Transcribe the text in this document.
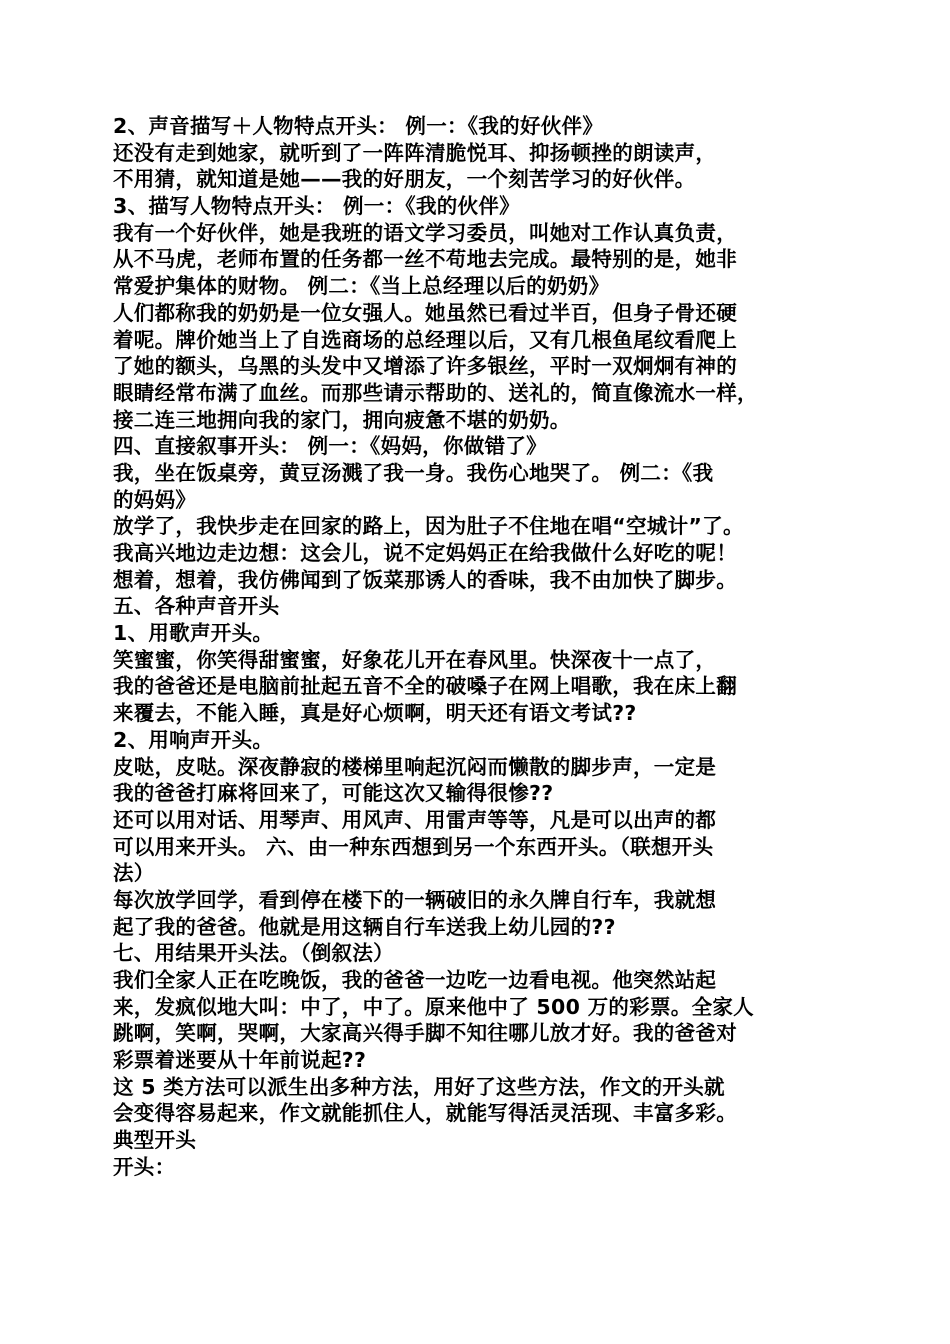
2、声音描写＋人物特点开头： 例一：《我的好伙伴》
还没有走到她家，就听到了一阵阵清脆悦耳、抑扬顿挫的朗读声，
不用猜，就知道是她——我的好朋友，一个刻苦学习的好伙伴。
3、描写人物特点开头： 例一：《我的伙伴》
我有一个好伙伴，她是我班的语文学习委员，叫她对工作认真负责，
从不马虎，老师布置的任务都一丝不苟地去完成。最特别的是，她非
常爱护集体的财物。 例二：《当上总经理以后的奶奶》
人们都称我的奶奶是一位女强人。她虽然已看过半百，但身子骨还硬
着呢。牌价她当上了自选商场的总经理以后，又有几根鱼尾纹看爬上
了她的额头，乌黑的头发中又增添了许多银丝，平时一双炯炯有神的
眼睛经常布满了血丝。而那些请示帮助的、送礼的，简直像流水一样，
接二连三地拥向我的家门，拥向疲惫不堪的奶奶。
四、直接叙事开头： 例一：《妈妈，你做错了》
我，坐在饭桌旁，黄豆汤溅了我一身。我伤心地哭了。 例二：《我
的妈妈》
放学了，我快步走在回家的路上，因为肚子不住地在唱“空城计”了。
我高兴地边走边想：这会儿，说不定妈妈正在给我做什么好吃的呢！
想着，想着，我仿佛闻到了饭菜那诱人的香味，我不由加快了脚步。
五、各种声音开头
1、用歌声开头。
笑蜜蜜，你笑得甜蜜蜜，好象花儿开在春风里。快深夜十一点了，
我的爸爸还是电脑前扯起五音不全的破嗓子在网上唱歌，我在床上翻
来覆去，不能入睡，真是好心烦啊，明天还有语文考试??
2、用响声开头。
皮哒，皮哒。深夜静寂的楼梯里响起沉闷而懒散的脚步声，一定是
我的爸爸打麻将回来了，可能这次又输得很惨??
还可以用对话、用琴声、用风声、用雷声等等，凡是可以出声的都
可以用来开头。 六、由一种东西想到另一个东西开头。（联想开头
法）
每次放学回学，看到停在楼下的一辆破旧的永久牌自行车，我就想
起了我的爸爸。他就是用这辆自行车送我上幼儿园的??
七、用结果开头法。（倒叙法）
我们全家人正在吃晚饭，我的爸爸一边吃一边看电视。他突然站起
来，发疯似地大叫：中了，中了。原来他中了 500 万的彩票。全家人
跳啊，笑啊，哭啊，大家高兴得手脚不知往哪儿放才好。我的爸爸对
彩票着迷要从十年前说起??
这 5 类方法可以派生出多种方法，用好了这些方法，作文的开头就
会变得容易起来，作文就能抓住人，就能写得活灵活现、丰富多彩。
典型开头
开头：
